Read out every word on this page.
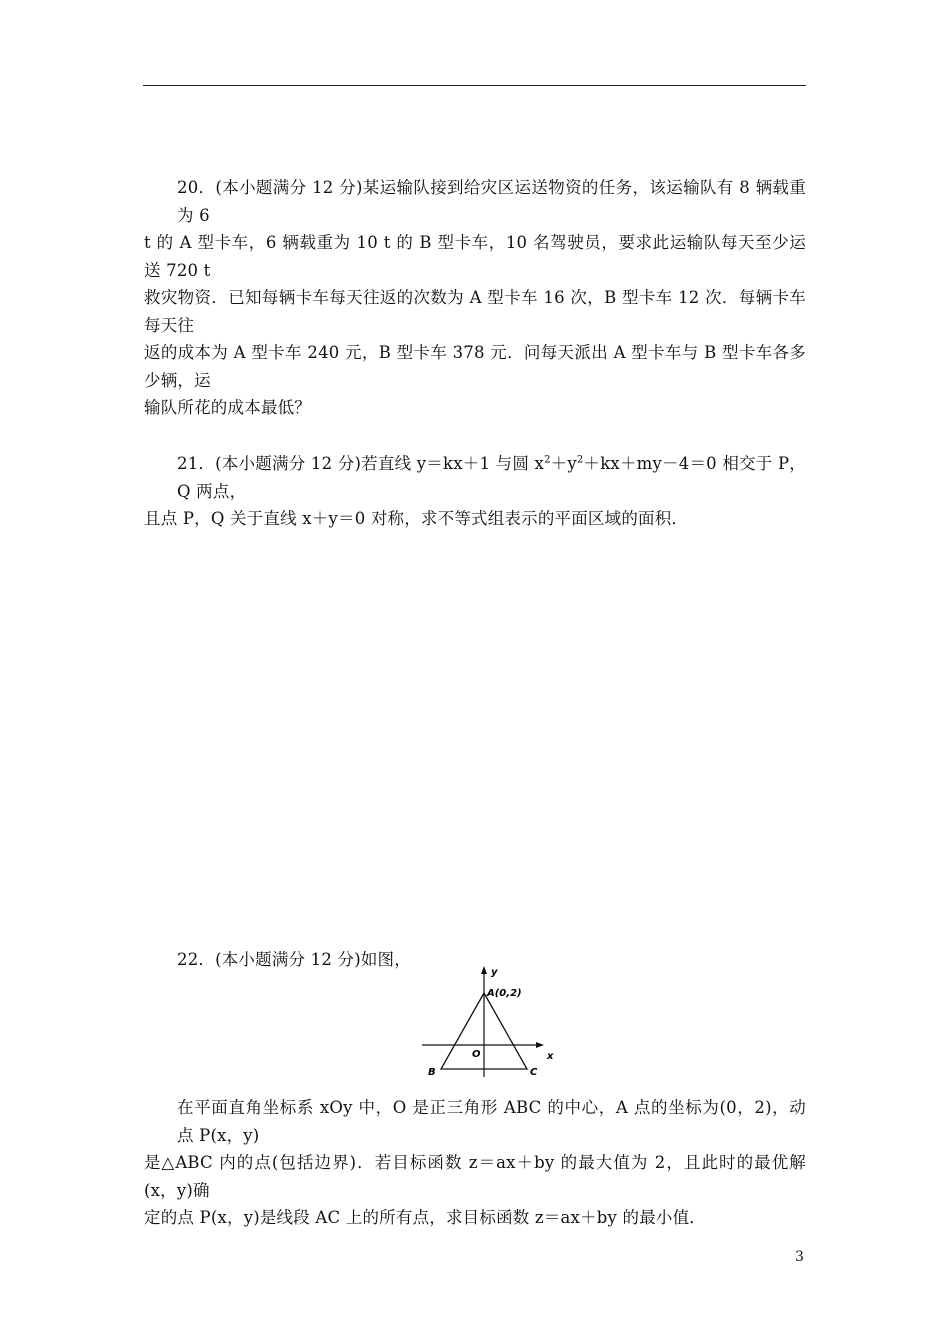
20．(本小题满分 12 分)某运输队接到给灾区运送物资的任务，该运输队有 8 辆载重为 6
t 的 A 型卡车，6 辆载重为 10 t 的 B 型卡车，10 名驾驶员，要求此运输队每天至少运送 720 t
救灾物资．已知每辆卡车每天往返的次数为 A 型卡车 16 次，B 型卡车 12 次．每辆卡车每天往
返的成本为 A 型卡车 240 元，B 型卡车 378 元．问每天派出 A 型卡车与 B 型卡车各多少辆，运
输队所花的成本最低？
21．(本小题满分 12 分)若直线 y＝kx＋1 与圆 $x^2+y^2+kx+my-4=0$ 相交于 P，Q 两点，
且点 P，Q 关于直线 x＋y＝0 对称，求不等式组表示的平面区域的面积．
22．(本小题满分 12 分)如图，
y
A(0,2)
O	x
B	C
在平面直角坐标系 xOy 中，O 是正三角形 ABC 的中心，A 点的坐标为(0，2)，动点 P(x，y)
是△ABC 内的点(包括边界)．若目标函数 z＝ax＋by 的最大值为 2，且此时的最优解(x，y)确
定的点 P(x，y)是线段 AC 上的所有点，求目标函数 z＝ax＋by 的最小值．
3
